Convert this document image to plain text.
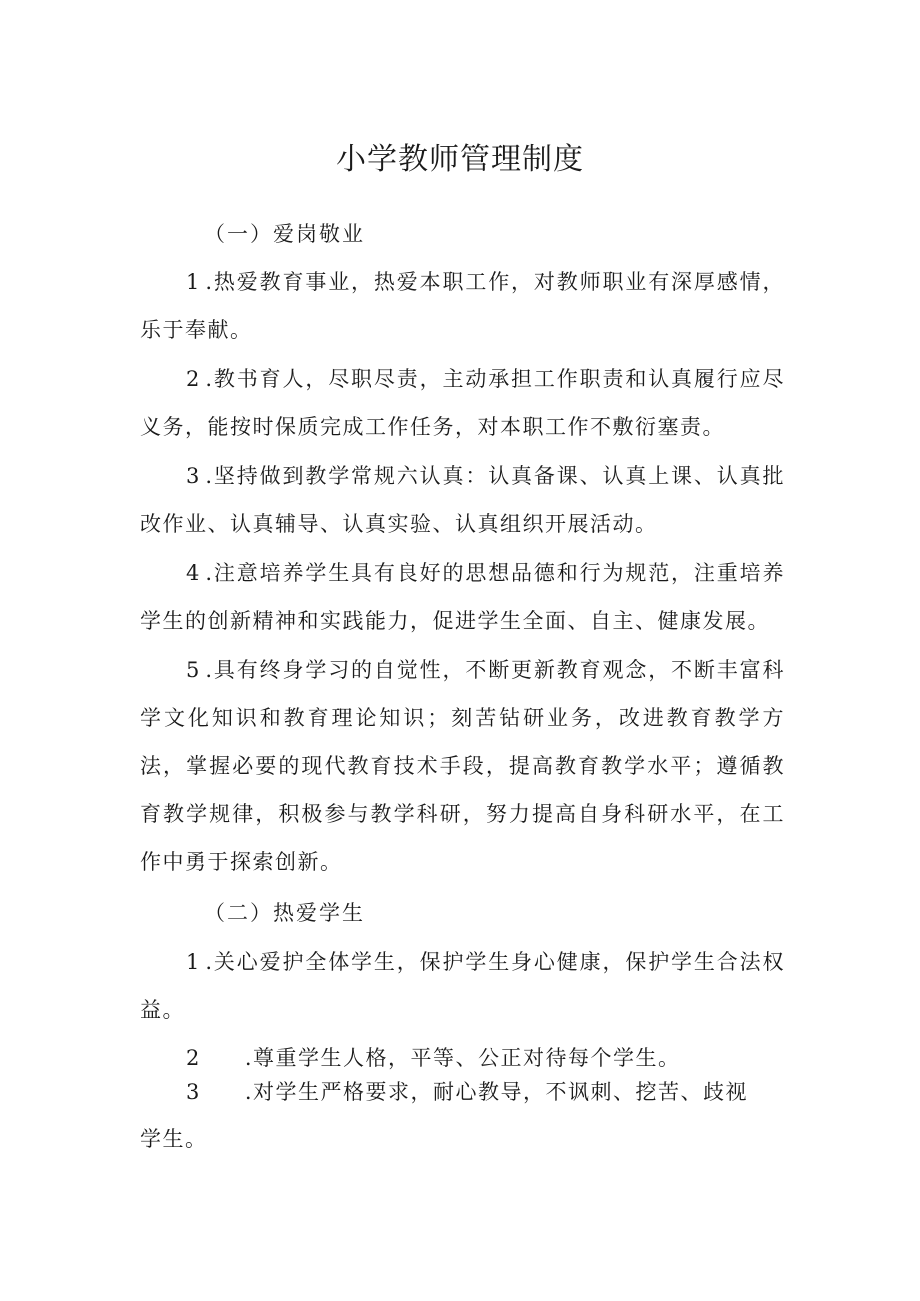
小学教师管理制度
（一）爱岗敬业
1.热爱教育事业，热爱本职工作，对教师职业有深厚感情，乐于奉献。
2.教书育人，尽职尽责，主动承担工作职责和认真履行应尽义务，能按时保质完成工作任务，对本职工作不敷衍塞责。
3.坚持做到教学常规六认真：认真备课、认真上课、认真批改作业、认真辅导、认真实验、认真组织开展活动。
4.注意培养学生具有良好的思想品德和行为规范，注重培养学生的创新精神和实践能力，促进学生全面、自主、健康发展。
5.具有终身学习的自觉性，不断更新教育观念，不断丰富科学文化知识和教育理论知识；刻苦钻研业务，改进教育教学方法，掌握必要的现代教育技术手段，提高教育教学水平；遵循教育教学规律，积极参与教学科研，努力提高自身科研水平，在工作中勇于探索创新。
（二）热爱学生
1.关心爱护全体学生，保护学生身心健康，保护学生合法权益。
2 .尊重学生人格，平等、公正对待每个学生。
3 .对学生严格要求，耐心教导，不讽刺、挖苦、歧视
学生。
